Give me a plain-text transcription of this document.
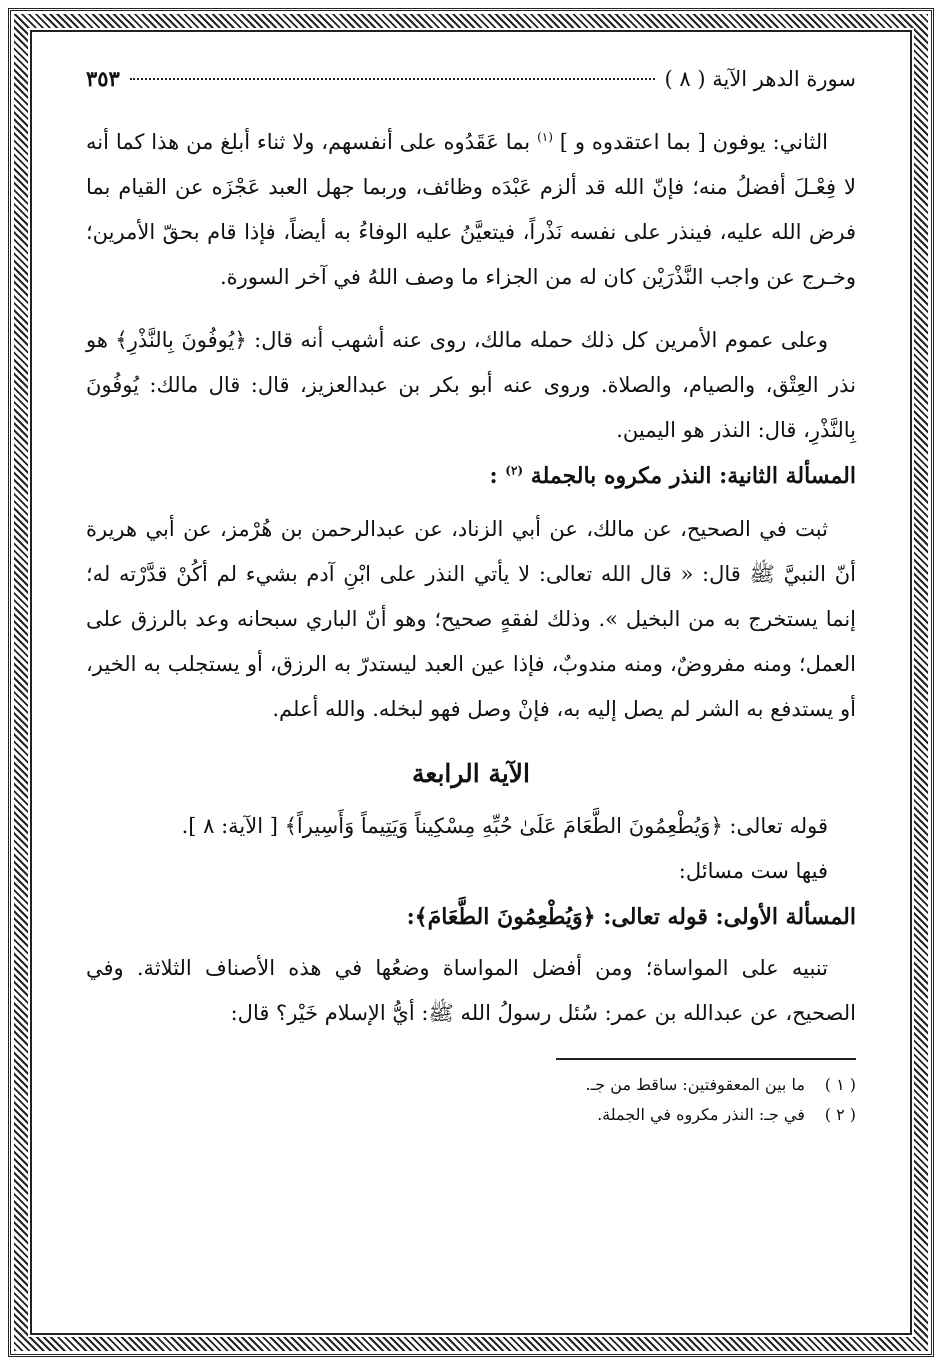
سورة الدهر الآية ( ٨ )
٣٥٣

الثاني: يوفون [ بما اعتقدوه و ] $^{(١)}$ بما عَقَدُوه على أنفسهم، ولا ثناء أبلغ من هذا كما أنه لا فِعْـلَ أفضلُ منه؛ فإنّ الله قد ألزم عَبْدَه وظائف، وربما جهل العبد عَجْزَه عن القيام بما فرض الله عليه، فينذر على نفسه نَذْراً، فيتعيَّنُ عليه الوفاءُ به أيضاً، فإذا قام بحقّ الأمرين؛ وخـرج عن واجب النَّذْرَيْن كان له من الجزاء ما وصف اللهُ في آخر السورة.

وعلى عموم الأمرين كل ذلك حمله مالك، روى عنه أشهب أنه قال: ﴿يُوفُونَ بِالنَّذْرِ﴾ هو نذر العِتْق، والصيام، والصلاة. وروى عنه أبو بكر بن عبدالعزيز، قال: قال مالك: يُوفُونَ بِالنَّذْرِ، قال: النذر هو اليمين.

المسألة الثانية: النذر مكروه بالجملة $^{(٢)}$ :

ثبت في الصحيح، عن مالك، عن أبي الزناد، عن عبدالرحمن بن هُرْمز، عن أبي هريرة أنّ النبيَّ ﷺ قال: « قال الله تعالى: لا يأتي النذر على ابْنِ آدم بشيء لم أكُنْ قدَّرْته له؛ إنما يستخرج به من البخيل ». وذلك لفقهٍ صحيح؛ وهو أنّ الباري سبحانه وعد بالرزق على العمل؛ ومنه مفروضٌ، ومنه مندوبٌ، فإذا عين العبد ليستدرّ به الرزق، أو يستجلب به الخير، أو يستدفع به الشر لم يصل إليه به، فإنْ وصل فهو لبخله. والله أعلم.

الآية الرابعة

قوله تعالى: ﴿وَيُطْعِمُونَ الطَّعَامَ عَلَىٰ حُبِّهِ مِسْكِيناً وَيَتِيماً وَأَسِيراً﴾ [ الآية: ٨ ].

فيها ست مسائل:

المسألة الأولى: قوله تعالى: ﴿وَيُطْعِمُونَ الطَّعَامَ﴾:

تنبيه على المواساة؛ ومن أفضل المواساة وضعُها في هذه الأصناف الثلاثة. وفي الصحيح، عن عبدالله بن عمر: سُئل رسولُ الله ﷺ: أيُّ الإسلام خَيْر؟ قال:

( ١ ) ما بين المعقوفتين: ساقط من جـ.
( ٢ ) في جـ: النذر مكروه في الجملة.
